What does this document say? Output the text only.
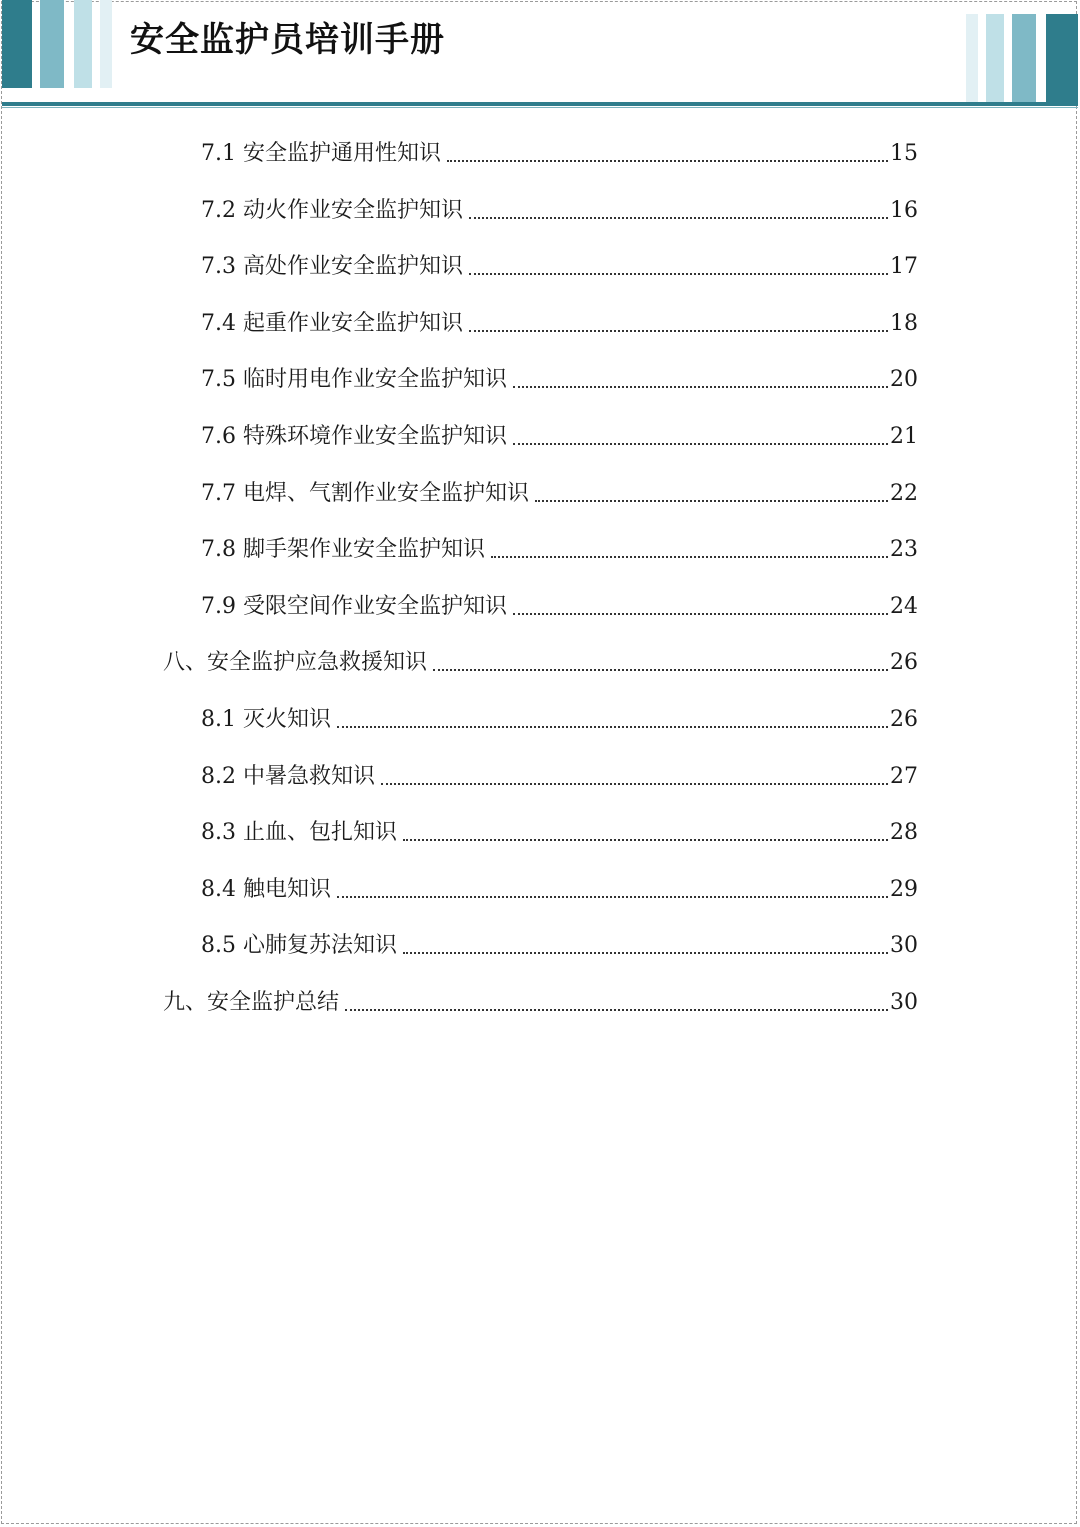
安全监护员培训手册
7.1 安全监护通用性知识	15
7.2 动火作业安全监护知识	16
7.3 高处作业安全监护知识	17
7.4 起重作业安全监护知识	18
7.5 临时用电作业安全监护知识	20
7.6 特殊环境作业安全监护知识	21
7.7 电焊、气割作业安全监护知识	22
7.8 脚手架作业安全监护知识	23
7.9 受限空间作业安全监护知识	24
八、安全监护应急救援知识	26
8.1 灭火知识	26
8.2 中暑急救知识	27
8.3 止血、包扎知识	28
8.4 触电知识	29
8.5 心肺复苏法知识	30
九、安全监护总结	30
